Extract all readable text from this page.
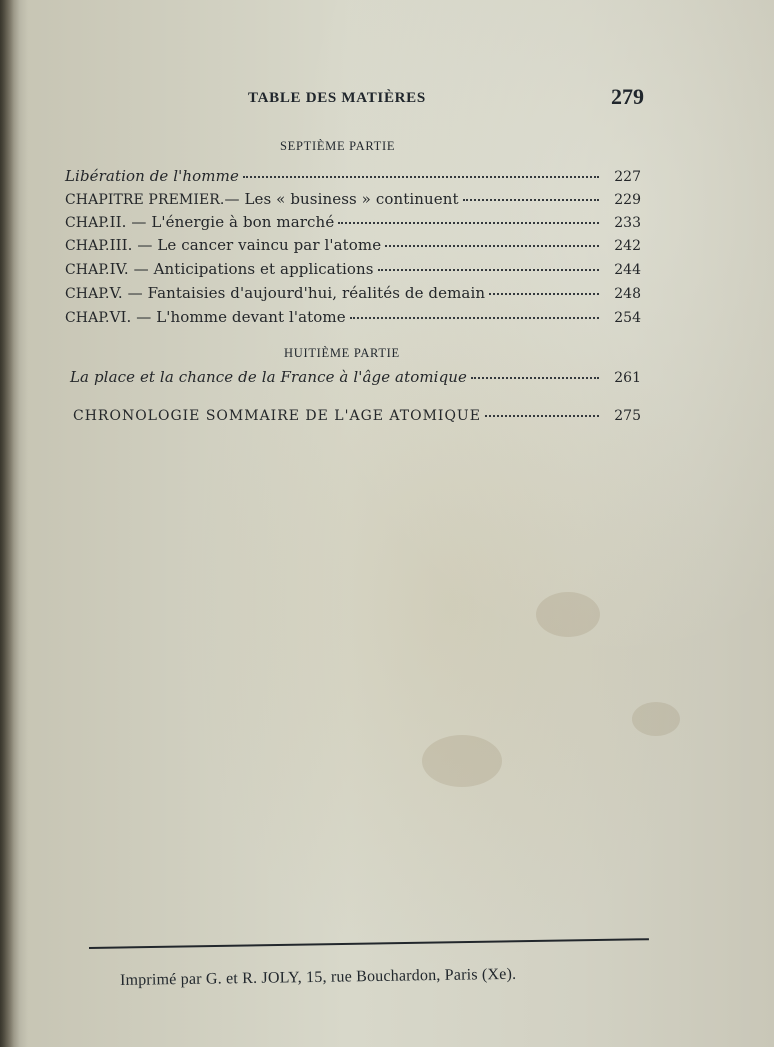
TABLE DES MATIÈRES	279
SEPTIÈME PARTIE
Libération de l'homme	227
CHAPITRE PREMIER. — Les « business » continuent	229
CHAP. II. — L'énergie à bon marché	233
CHAP. III. — Le cancer vaincu par l'atome	242
CHAP. IV. — Anticipations et applications	244
CHAP. V. — Fantaisies d'aujourd'hui, réalités de demain	248
CHAP. VI. — L'homme devant l'atome	254
HUITIÈME PARTIE
La place et la chance de la France à l'âge atomique	261
CHRONOLOGIE SOMMAIRE DE L'AGE ATOMIQUE	275
Imprimé par G. et R. JOLY, 15, rue Bouchardon, Paris (Xe).
